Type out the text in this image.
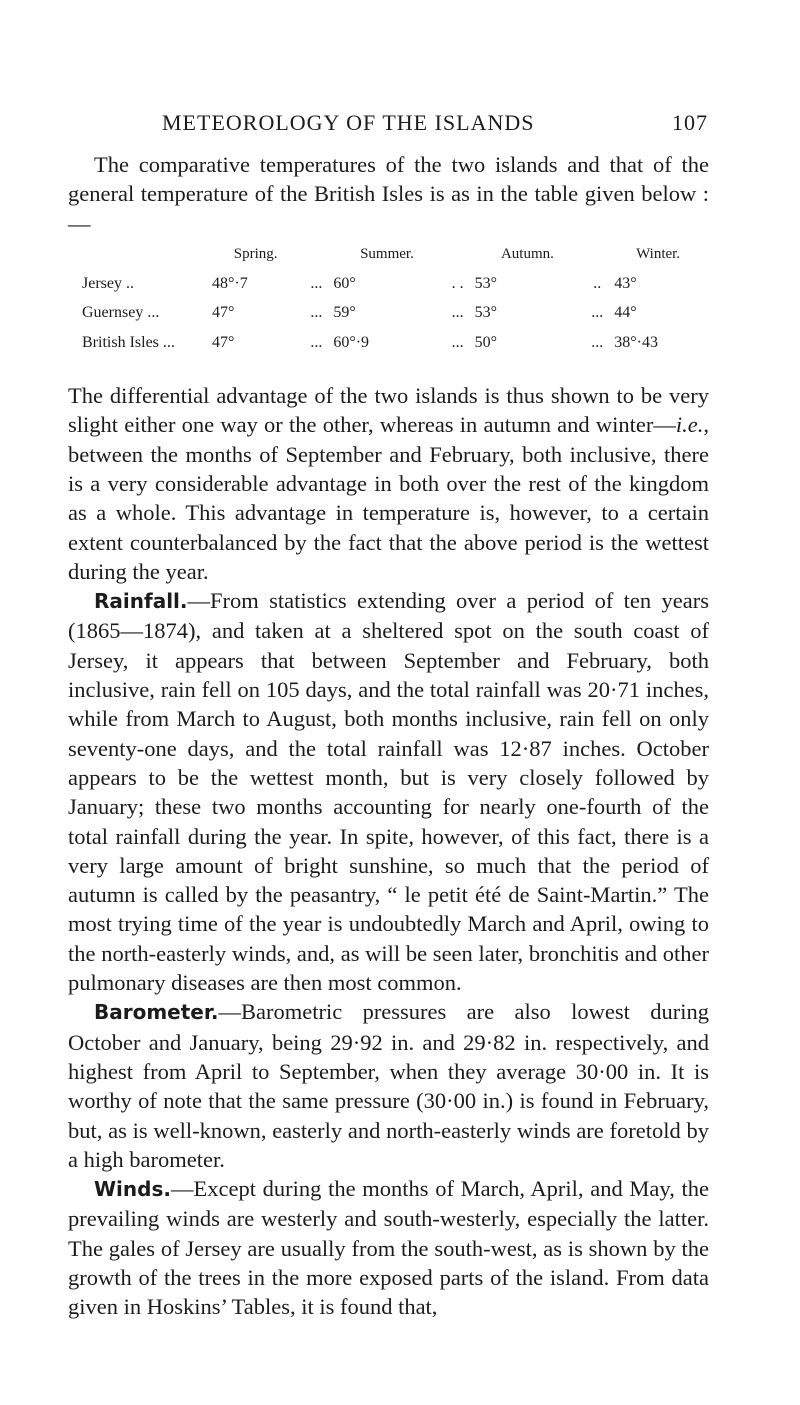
METEOROLOGY OF THE ISLANDS	107

The comparative temperatures of the two islands and that of the general temperature of the British Isles is as in the table given below :—

	Spring.		Summer.		Autumn.		Winter.
Jersey ..	48°·7	...	60°	. .	53°	..	43°
Guernsey ...	47°	...	59°	...	53°	...	44°
British Isles ...	47°	...	60°·9	...	50°	...	38°·43

The differential advantage of the two islands is thus shown to be very slight either one way or the other, whereas in autumn and winter—i.e., between the months of September and February, both inclusive, there is a very considerable advantage in both over the rest of the kingdom as a whole. This advantage in temperature is, however, to a certain extent counterbalanced by the fact that the above period is the wettest during the year.

Rainfall.—From statistics extending over a period of ten years (1865—1874), and taken at a sheltered spot on the south coast of Jersey, it appears that between September and February, both inclusive, rain fell on 105 days, and the total rainfall was 20·71 inches, while from March to August, both months inclusive, rain fell on only seventy-one days, and the total rainfall was 12·87 inches. October appears to be the wettest month, but is very closely followed by January; these two months accounting for nearly one-fourth of the total rainfall during the year. In spite, however, of this fact, there is a very large amount of bright sunshine, so much that the period of autumn is called by the peasantry, “ le petit été de Saint-Martin.” The most trying time of the year is undoubtedly March and April, owing to the north-easterly winds, and, as will be seen later, bronchitis and other pulmonary diseases are then most common.

Barometer.—Barometric pressures are also lowest during October and January, being 29·92 in. and 29·82 in. respectively, and highest from April to September, when they average 30·00 in. It is worthy of note that the same pressure (30·00 in.) is found in February, but, as is well-known, easterly and north-easterly winds are foretold by a high barometer.

Winds.—Except during the months of March, April, and May, the prevailing winds are westerly and south-westerly, especially the latter. The gales of Jersey are usually from the south-west, as is shown by the growth of the trees in the more exposed parts of the island. From data given in Hoskins’ Tables, it is found that,
